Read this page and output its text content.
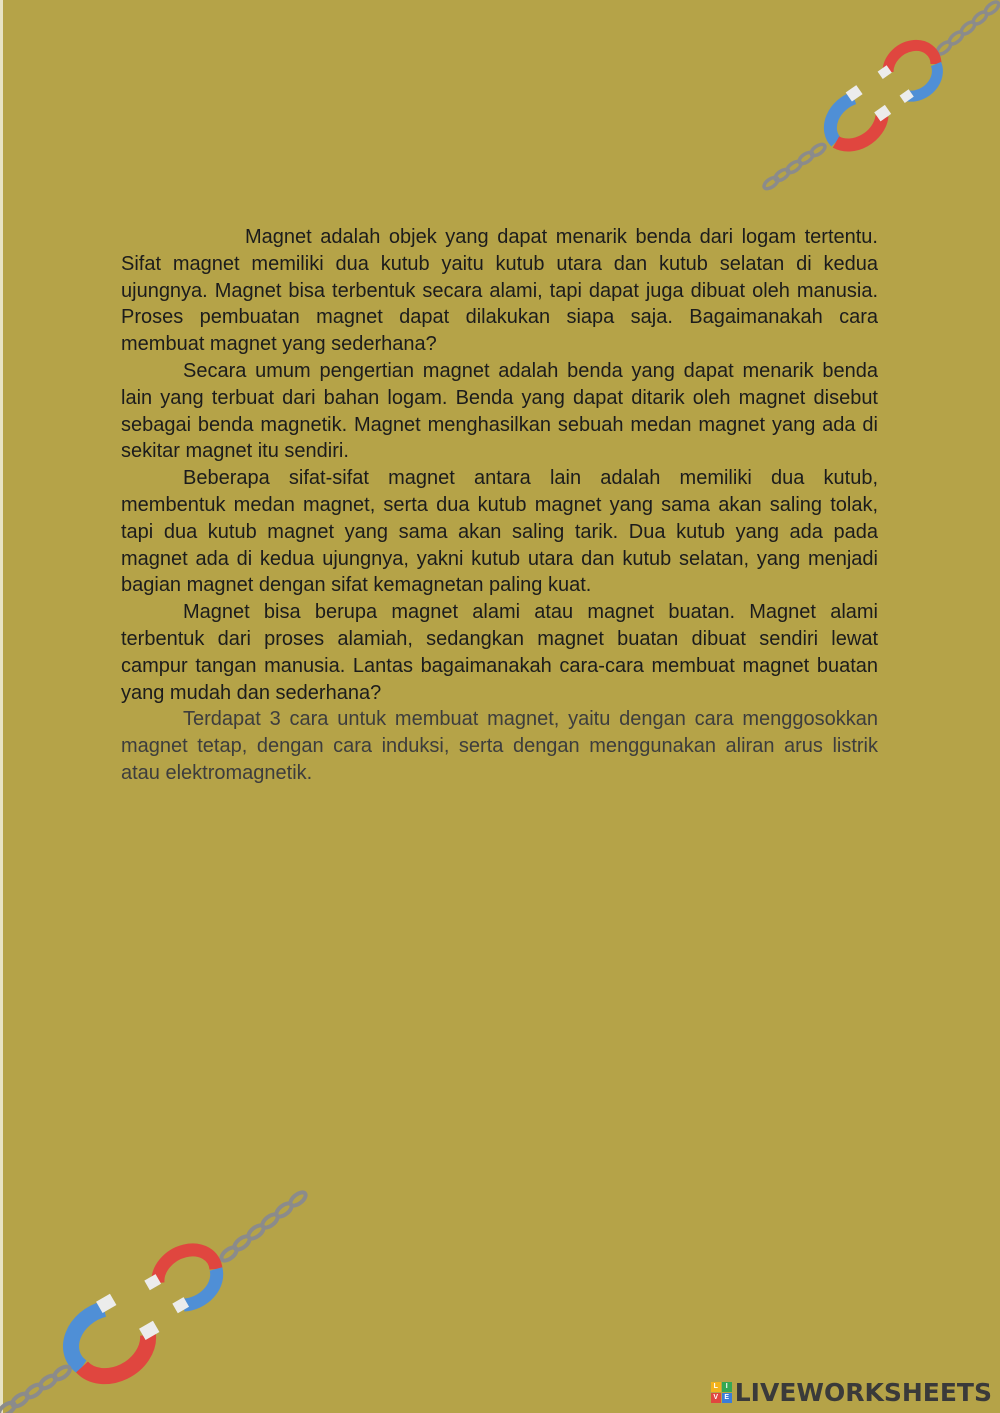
Magnet adalah objek yang dapat menarik benda dari logam tertentu. Sifat magnet memiliki dua kutub yaitu kutub utara dan kutub selatan di kedua ujungnya. Magnet bisa terbentuk secara alami, tapi dapat juga dibuat oleh manusia. Proses pembuatan magnet dapat dilakukan siapa saja. Bagaimanakah cara membuat magnet yang sederhana?

Secara umum pengertian magnet adalah benda yang dapat menarik benda lain yang terbuat dari bahan logam. Benda yang dapat ditarik oleh magnet disebut sebagai benda magnetik. Magnet menghasilkan sebuah medan magnet yang ada di sekitar magnet itu sendiri.

Beberapa sifat-sifat magnet antara lain adalah memiliki dua kutub, membentuk medan magnet, serta dua kutub magnet yang sama akan saling tolak, tapi dua kutub magnet yang sama akan saling tarik. Dua kutub yang ada pada magnet ada di kedua ujungnya, yakni kutub utara dan kutub selatan, yang menjadi bagian magnet dengan sifat kemagnetan paling kuat.

Magnet bisa berupa magnet alami atau magnet buatan. Magnet alami terbentuk dari proses alamiah, sedangkan magnet buatan dibuat sendiri lewat campur tangan manusia. Lantas bagaimanakah cara-cara membuat magnet buatan yang mudah dan sederhana?

Terdapat 3 cara untuk membuat magnet, yaitu dengan cara menggosokkan magnet tetap, dengan cara induksi, serta dengan menggunakan aliran arus listrik atau elektromagnetik.

L	I
V E LIVEWORKSHEETS
